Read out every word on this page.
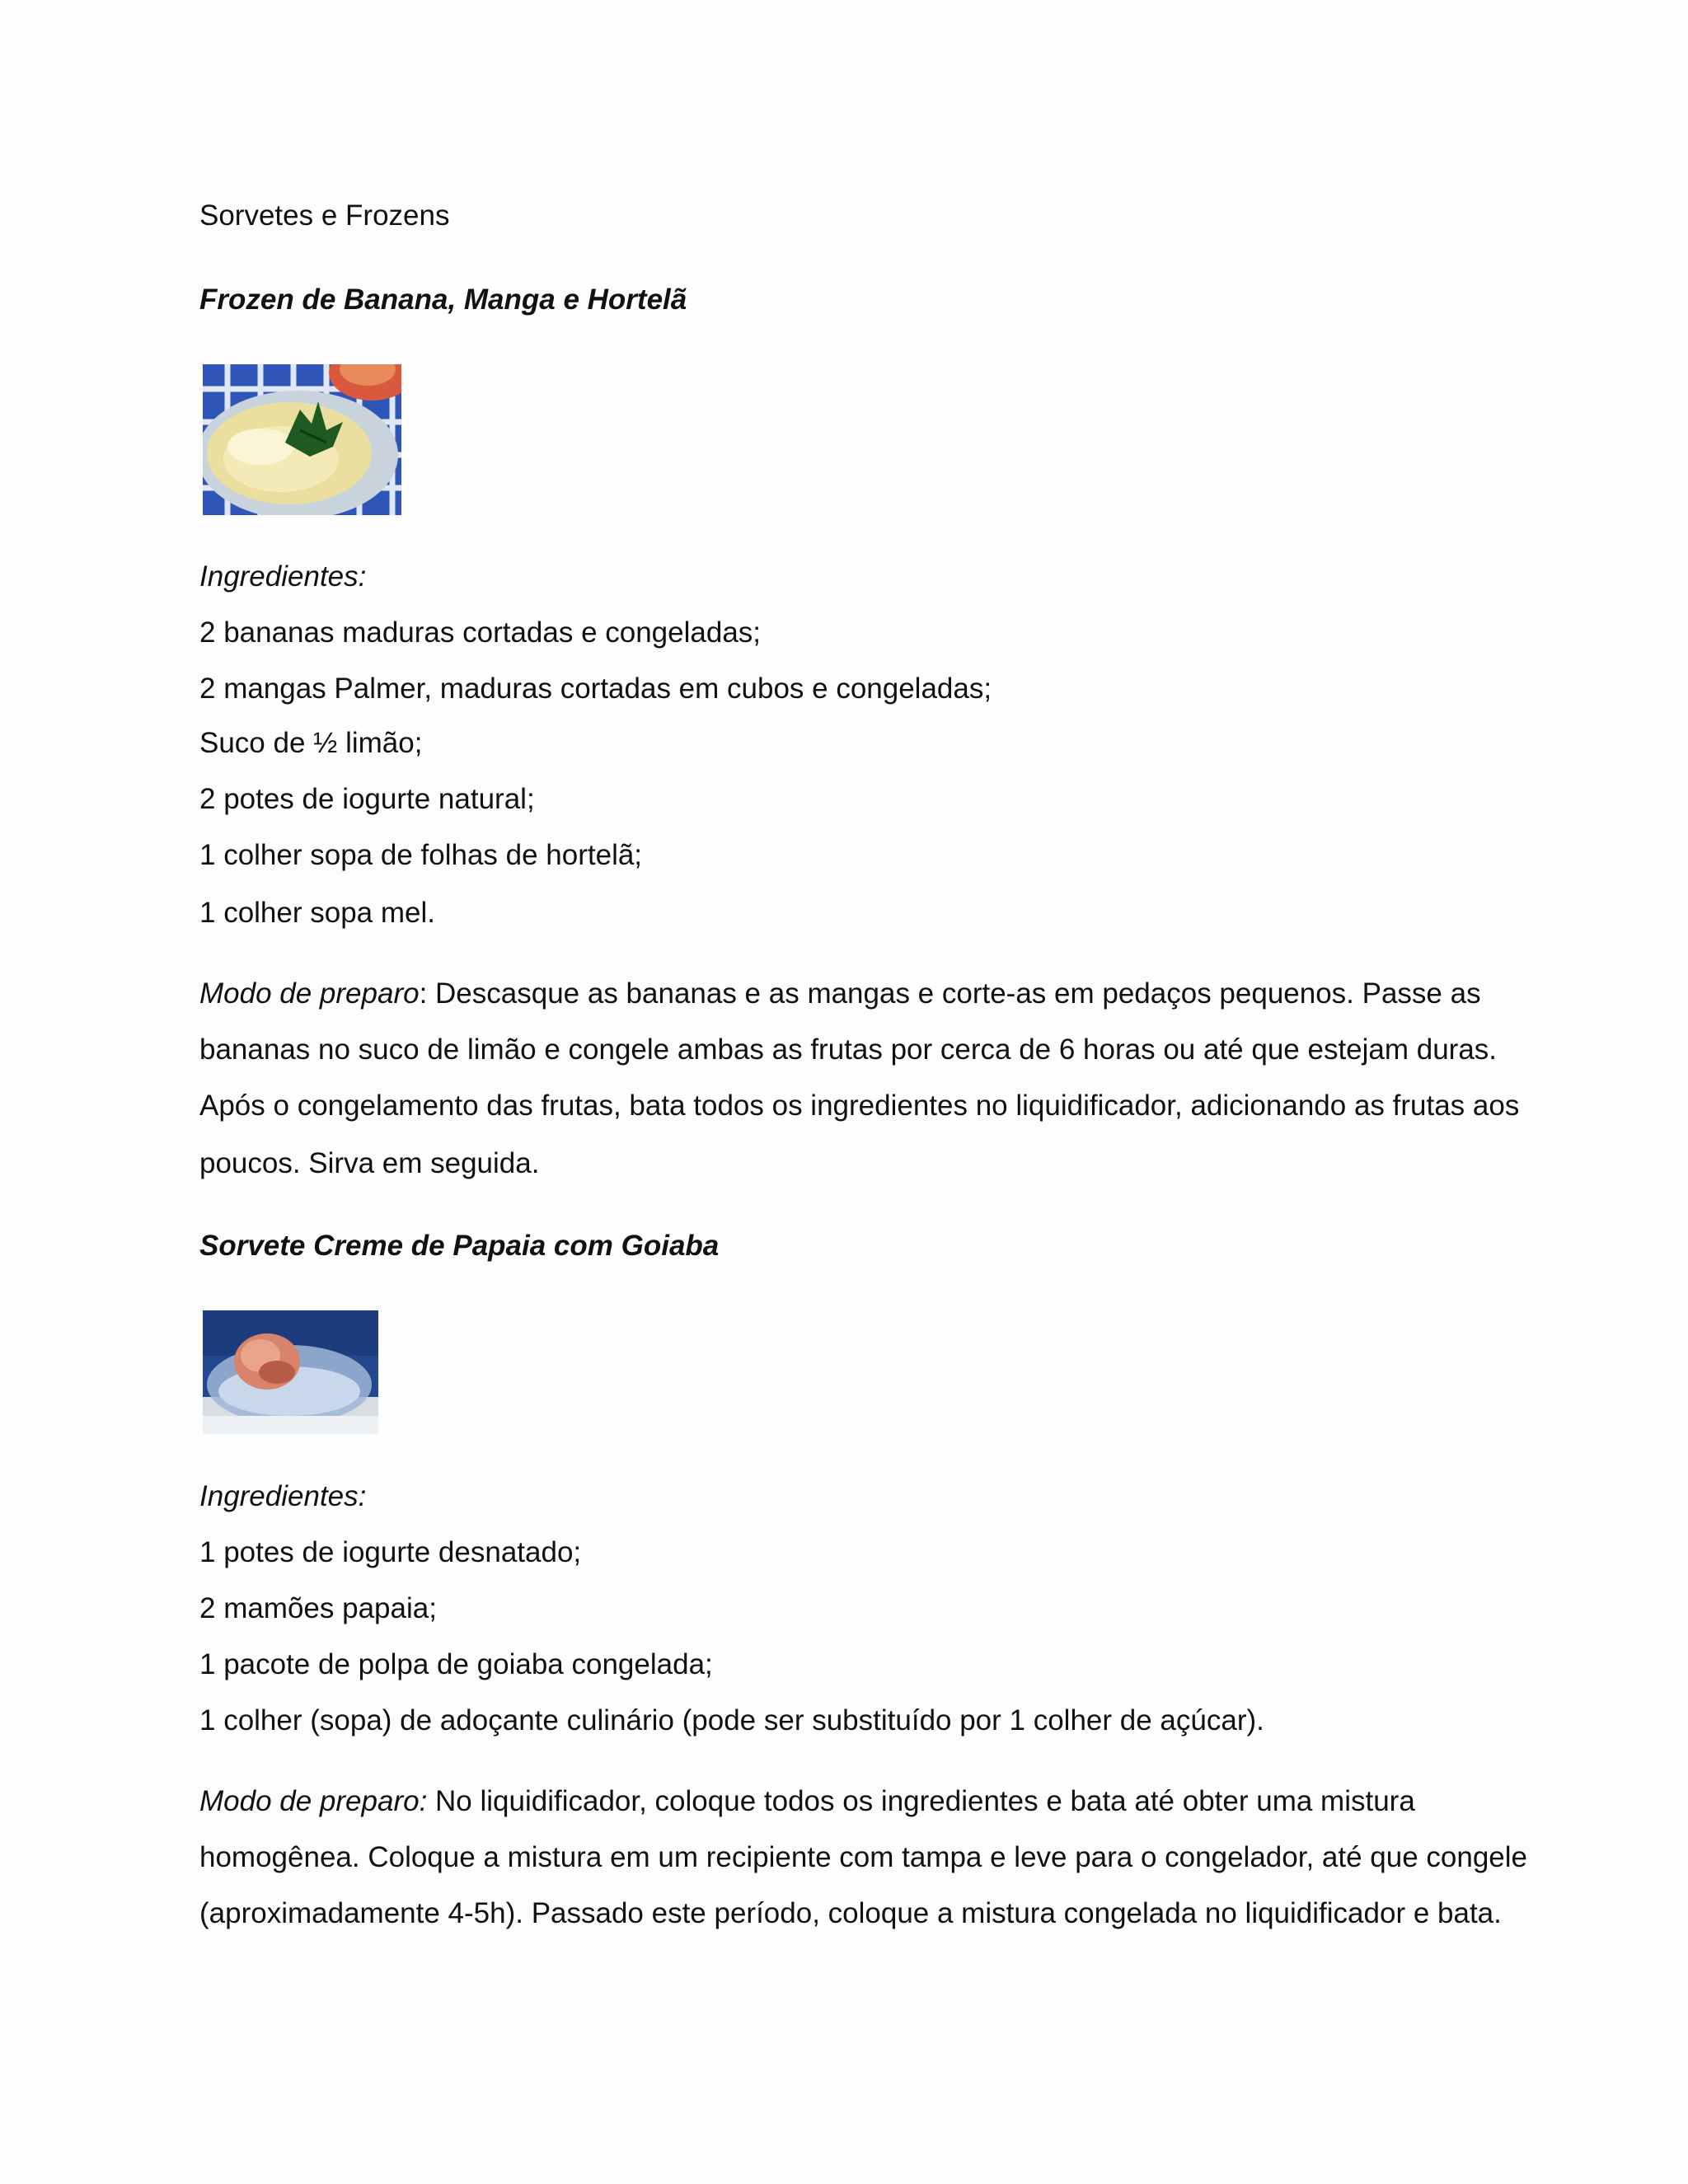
Sorvetes e Frozens

Frozen de Banana, Manga e Hortelã

Ingredientes:

2 bananas maduras cortadas e congeladas;

2 mangas Palmer, maduras cortadas em cubos e congeladas;

Suco de ½ limão;

2 potes de iogurte natural;

1 colher sopa de folhas de hortelã;

1 colher sopa mel.

Modo de preparo: Descasque as bananas e as mangas e corte-as em pedaços pequenos. Passe as

bananas no suco de limão e congele ambas as frutas por cerca de 6 horas ou até que estejam duras.

Após o congelamento das frutas, bata todos os ingredientes no liquidificador, adicionando as frutas aos

poucos. Sirva em seguida.

Sorvete Creme de Papaia com Goiaba

Ingredientes:

1 potes de iogurte desnatado;

2 mamões papaia;

1 pacote de polpa de goiaba congelada;

1 colher (sopa) de adoçante culinário (pode ser substituído por 1 colher de açúcar).

Modo de preparo: No liquidificador, coloque todos os ingredientes e bata até obter uma mistura

homogênea. Coloque a mistura em um recipiente com tampa e leve para o congelador, até que congele

(aproximadamente 4-5h). Passado este período, coloque a mistura congelada no liquidificador e bata.
